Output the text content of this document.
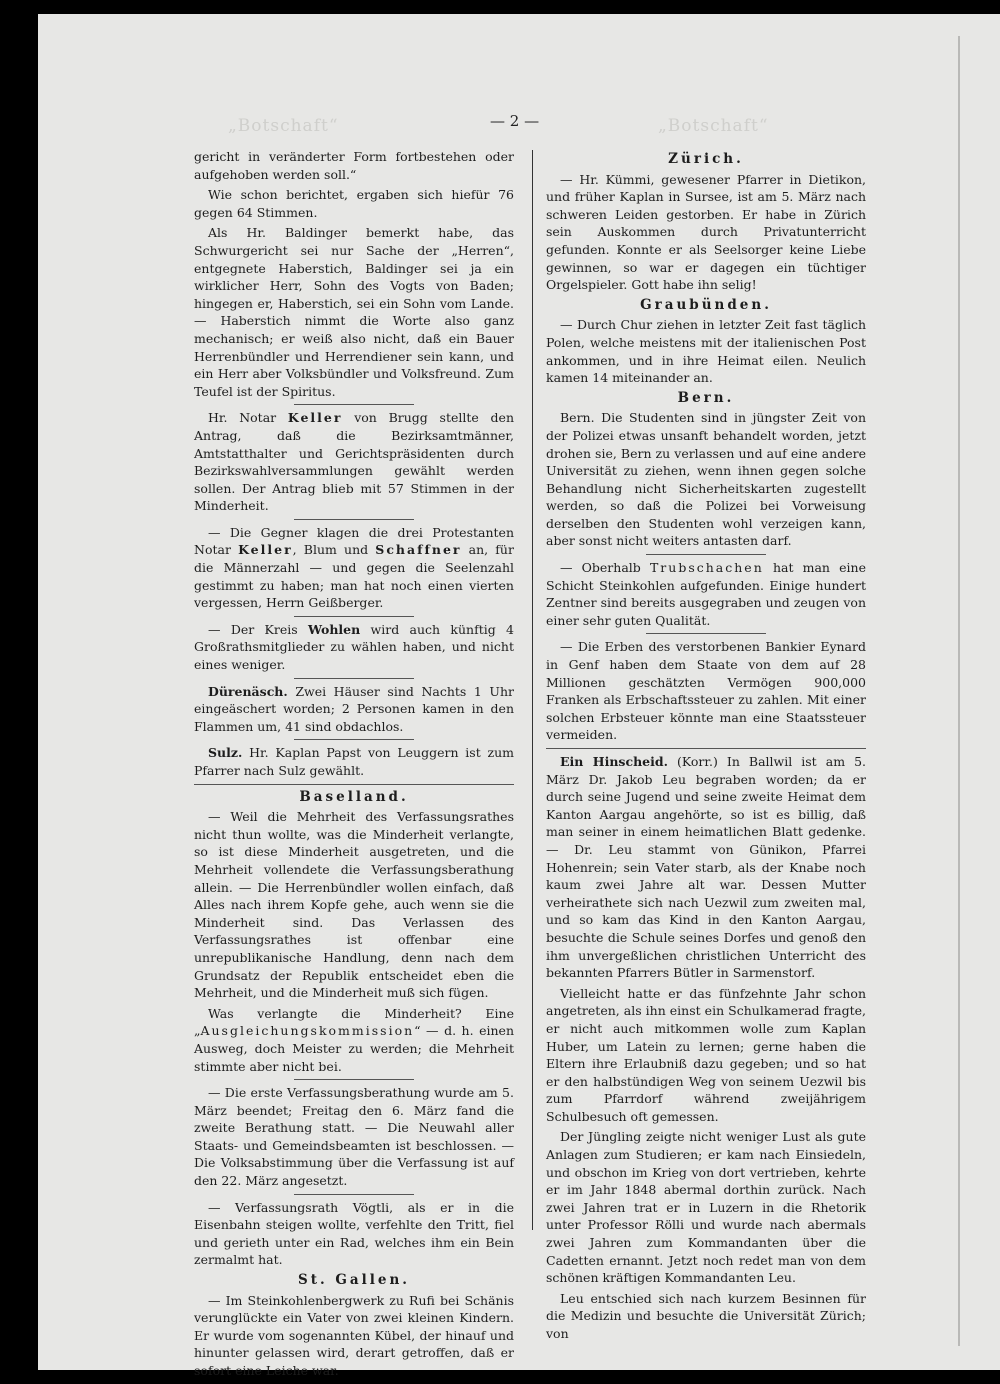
„Botschaft“	„Botschaft“
— 2 —

gericht in veränderter Form fortbestehen oder aufgehoben werden soll.“

Wie schon berichtet, ergaben sich hiefür 76 gegen 64 Stimmen.

Als Hr. Baldinger bemerkt habe, das Schwurgericht sei nur Sache der „Herren“, entgegnete Haberstich, Baldinger sei ja ein wirklicher Herr, Sohn des Vogts von Baden; hingegen er, Haberstich, sei ein Sohn vom Lande. — Haberstich nimmt die Worte also ganz mechanisch; er weiß also nicht, daß ein Bauer Herrenbündler und Herrendiener sein kann, und ein Herr aber Volksbündler und Volksfreund. Zum Teufel ist der Spiritus.

Hr. Notar Keller von Brugg stellte den Antrag, daß die Bezirksamtmänner, Amtstatthalter und Gerichtspräsidenten durch Bezirkswahlversammlungen gewählt werden sollen. Der Antrag blieb mit 57 Stimmen in der Minderheit.

— Die Gegner klagen die drei Protestanten Notar Keller, Blum und Schaffner an, für die Männerzahl — und gegen die Seelenzahl gestimmt zu haben; man hat noch einen vierten vergessen, Herrn Geißberger.

— Der Kreis Wohlen wird auch künftig 4 Großrathsmitglieder zu wählen haben, und nicht eines weniger.

Dürenäsch. Zwei Häuser sind Nachts 1 Uhr eingeäschert worden; 2 Personen kamen in den Flammen um, 41 sind obdachlos.

Sulz. Hr. Kaplan Papst von Leuggern ist zum Pfarrer nach Sulz gewählt.

Baselland.

— Weil die Mehrheit des Verfassungsrathes nicht thun wollte, was die Minderheit verlangte, so ist diese Minderheit ausgetreten, und die Mehrheit vollendete die Verfassungsberathung allein. — Die Herrenbündler wollen einfach, daß Alles nach ihrem Kopfe gehe, auch wenn sie die Minderheit sind. Das Verlassen des Verfassungsrathes ist offenbar eine unrepublikanische Handlung, denn nach dem Grundsatz der Republik entscheidet eben die Mehrheit, und die Minderheit muß sich fügen.

Was verlangte die Minderheit? Eine „Ausgleichungskommission“ — d. h. einen Ausweg, doch Meister zu werden; die Mehrheit stimmte aber nicht bei.

— Die erste Verfassungsberathung wurde am 5. März beendet; Freitag den 6. März fand die zweite Berathung statt. — Die Neuwahl aller Staats- und Gemeindsbeamten ist beschlossen. — Die Volksabstimmung über die Verfassung ist auf den 22. März angesetzt.

— Verfassungsrath Vögtli, als er in die Eisenbahn steigen wollte, verfehlte den Tritt, fiel und gerieth unter ein Rad, welches ihm ein Bein zermalmt hat.

St. Gallen.

— Im Steinkohlenbergwerk zu Rufi bei Schänis verunglückte ein Vater von zwei kleinen Kindern. Er wurde vom sogenannten Kübel, der hinauf und hinunter gelassen wird, derart getroffen, daß er sofort eine Leiche war.

Zürich.

— Hr. Kümmi, gewesener Pfarrer in Dietikon, und früher Kaplan in Sursee, ist am 5. März nach schweren Leiden gestorben. Er habe in Zürich sein Auskommen durch Privatunterricht gefunden. Konnte er als Seelsorger keine Liebe gewinnen, so war er dagegen ein tüchtiger Orgelspieler. Gott habe ihn selig!

Graubünden.

— Durch Chur ziehen in letzter Zeit fast täglich Polen, welche meistens mit der italienischen Post ankommen, und in ihre Heimat eilen. Neulich kamen 14 miteinander an.

Bern.

Bern. Die Studenten sind in jüngster Zeit von der Polizei etwas unsanft behandelt worden, jetzt drohen sie, Bern zu verlassen und auf eine andere Universität zu ziehen, wenn ihnen gegen solche Behandlung nicht Sicherheitskarten zugestellt werden, so daß die Polizei bei Vorweisung derselben den Studenten wohl verzeigen kann, aber sonst nicht weiters antasten darf.

— Oberhalb Trubschachen hat man eine Schicht Steinkohlen aufgefunden. Einige hundert Zentner sind bereits ausgegraben und zeugen von einer sehr guten Qualität.

— Die Erben des verstorbenen Bankier Eynard in Genf haben dem Staate von dem auf 28 Millionen geschätzten Vermögen 900,000 Franken als Erbschaftssteuer zu zahlen. Mit einer solchen Erbsteuer könnte man eine Staatssteuer vermeiden.

Ein Hinscheid. (Korr.) In Ballwil ist am 5. März Dr. Jakob Leu begraben worden; da er durch seine Jugend und seine zweite Heimat dem Kanton Aargau angehörte, so ist es billig, daß man seiner in einem heimatlichen Blatt gedenke. — Dr. Leu stammt von Günikon, Pfarrei Hohenrein; sein Vater starb, als der Knabe noch kaum zwei Jahre alt war. Dessen Mutter verheirathete sich nach Uezwil zum zweiten mal, und so kam das Kind in den Kanton Aargau, besuchte die Schule seines Dorfes und genoß den ihm unvergeßlichen christlichen Unterricht des bekannten Pfarrers Bütler in Sarmenstorf.

Vielleicht hatte er das fünfzehnte Jahr schon angetreten, als ihn einst ein Schulkamerad fragte, er nicht auch mitkommen wolle zum Kaplan Huber, um Latein zu lernen; gerne haben die Eltern ihre Erlaubniß dazu gegeben; und so hat er den halbstündigen Weg von seinem Uezwil bis zum Pfarrdorf während zweijährigem Schulbesuch oft gemessen.

Der Jüngling zeigte nicht weniger Lust als gute Anlagen zum Studieren; er kam nach Einsiedeln, und obschon im Krieg von dort vertrieben, kehrte er im Jahr 1848 abermal dorthin zurück. Nach zwei Jahren trat er in Luzern in die Rhetorik unter Professor Rölli und wurde nach abermals zwei Jahren zum Kommandanten über die Cadetten ernannt. Jetzt noch redet man von dem schönen kräftigen Kommandanten Leu.

Leu entschied sich nach kurzem Besinnen für die Medizin und besuchte die Universität Zürich; von
